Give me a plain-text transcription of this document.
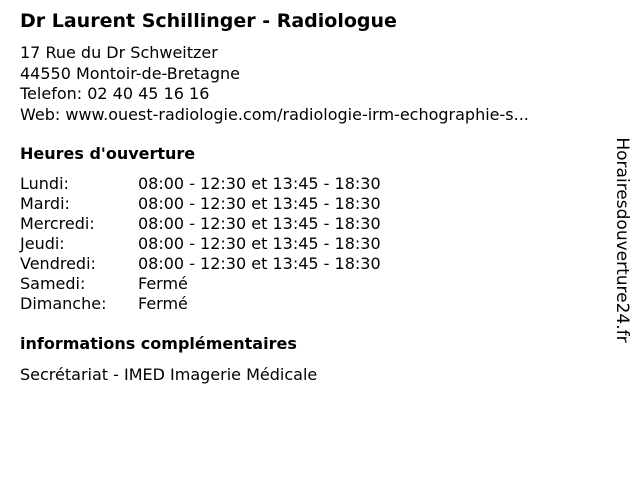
Dr Laurent Schillinger - Radiologue
17 Rue du Dr Schweitzer
44550 Montoir-de-Bretagne
Telefon: 02 40 45 16 16
Web: www.ouest-radiologie.com/radiologie-irm-echographie-s...
Heures d'ouverture
Lundi:	08:00 - 12:30 et 13:45 - 18:30
Mardi:	08:00 - 12:30 et 13:45 - 18:30
Mercredi:	08:00 - 12:30 et 13:45 - 18:30
Jeudi:	08:00 - 12:30 et 13:45 - 18:30
Vendredi:	08:00 - 12:30 et 13:45 - 18:30
Samedi:	Fermé
Dimanche:	Fermé
informations complémentaires
Secrétariat - IMED Imagerie Médicale
Horairesdouverture24.fr
